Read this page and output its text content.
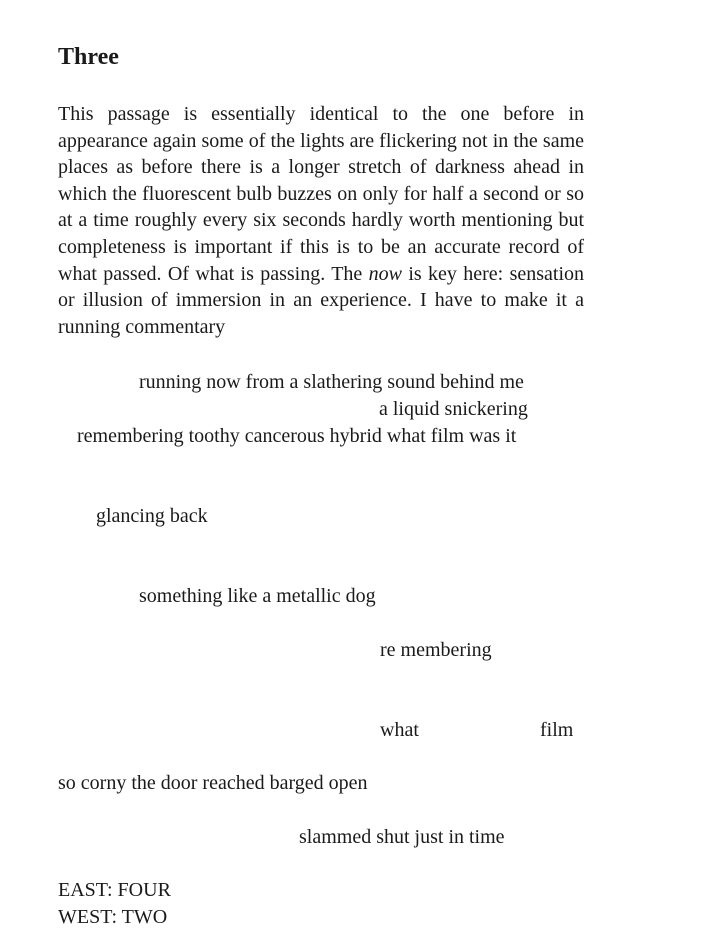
Three

This passage is essentially identical to the one before in appearance again some of the lights are flickering not in the same places as before there is a longer stretch of darkness ahead in which the fluorescent bulb buzzes on only for half a second or so at a time roughly every six seconds hardly worth mentioning but completeness is important if this is to be an accurate record of what passed. Of what is passing. The now is key here: sensation or illusion of immersion in an experience. I have to make it a running commentary

running now from a slathering sound behind me
a liquid snickering
remembering toothy cancerous hybrid what film was it
glancing back
something like a metallic dog
re membering
what	film
so corny the door reached barged open
slammed shut just in time
EAST: FOUR
WEST: TWO
